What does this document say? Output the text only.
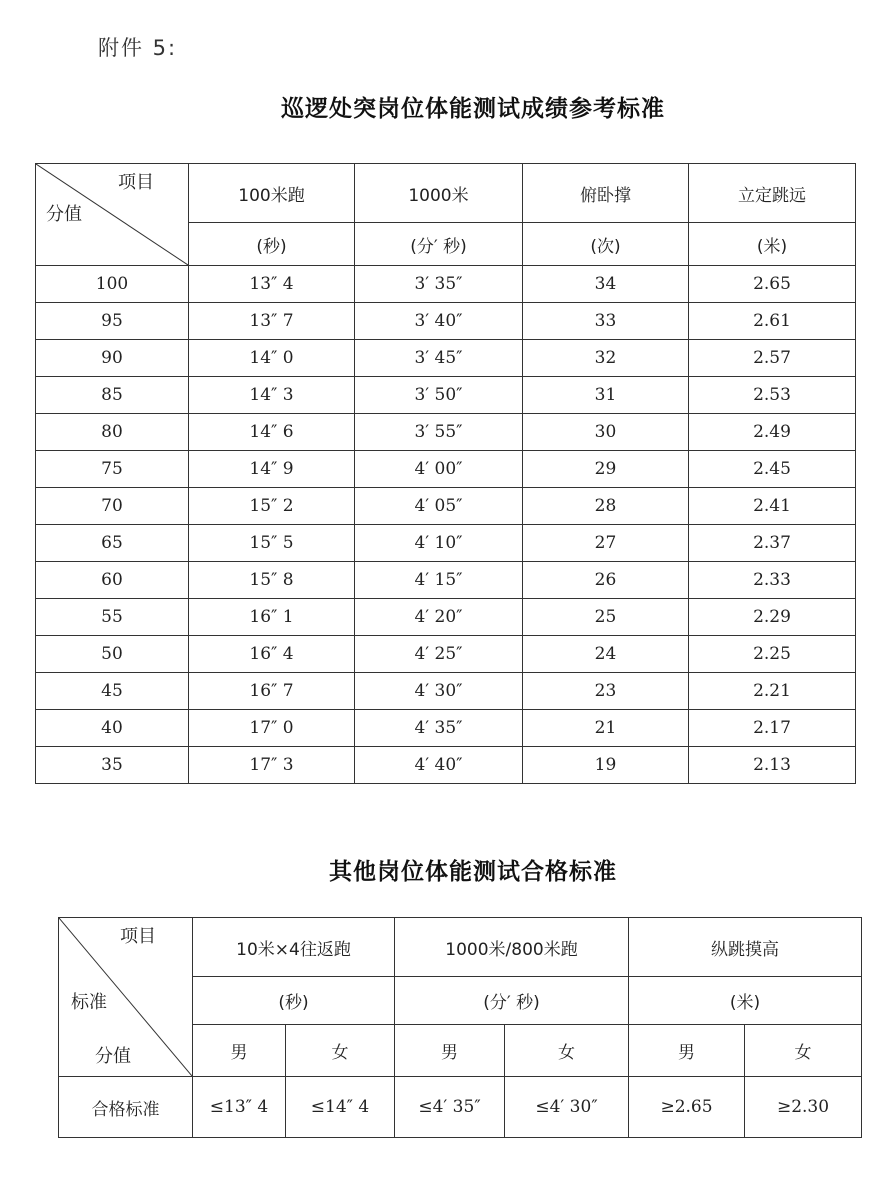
附件 5:
巡逻处突岗位体能测试成绩参考标准
项目
分值	100米跑	1000米	俯卧撑	立定跳远
	(秒)	(分′ 秒)	(次)	(米)
100	13″ 4	3′ 35″	34	2.65
95	13″ 7	3′ 40″	33	2.61
90	14″ 0	3′ 45″	32	2.57
85	14″ 3	3′ 50″	31	2.53
80	14″ 6	3′ 55″	30	2.49
75	14″ 9	4′ 00″	29	2.45
70	15″ 2	4′ 05″	28	2.41
65	15″ 5	4′ 10″	27	2.37
60	15″ 8	4′ 15″	26	2.33
55	16″ 1	4′ 20″	25	2.29
50	16″ 4	4′ 25″	24	2.25
45	16″ 7	4′ 30″	23	2.21
40	17″ 0	4′ 35″	21	2.17
35	17″ 3	4′ 40″	19	2.13
其他岗位体能测试合格标准
项目
标准
分值	10米×4往返跑		1000米/800米跑		纵跳摸高	
	(秒)		(分′ 秒)		(米)	
	男	女	男	女	男	女
合格标准	≤13″ 4	≤14″ 4	≤4′ 35″	≤4′ 30″	≥2.65	≥2.30
